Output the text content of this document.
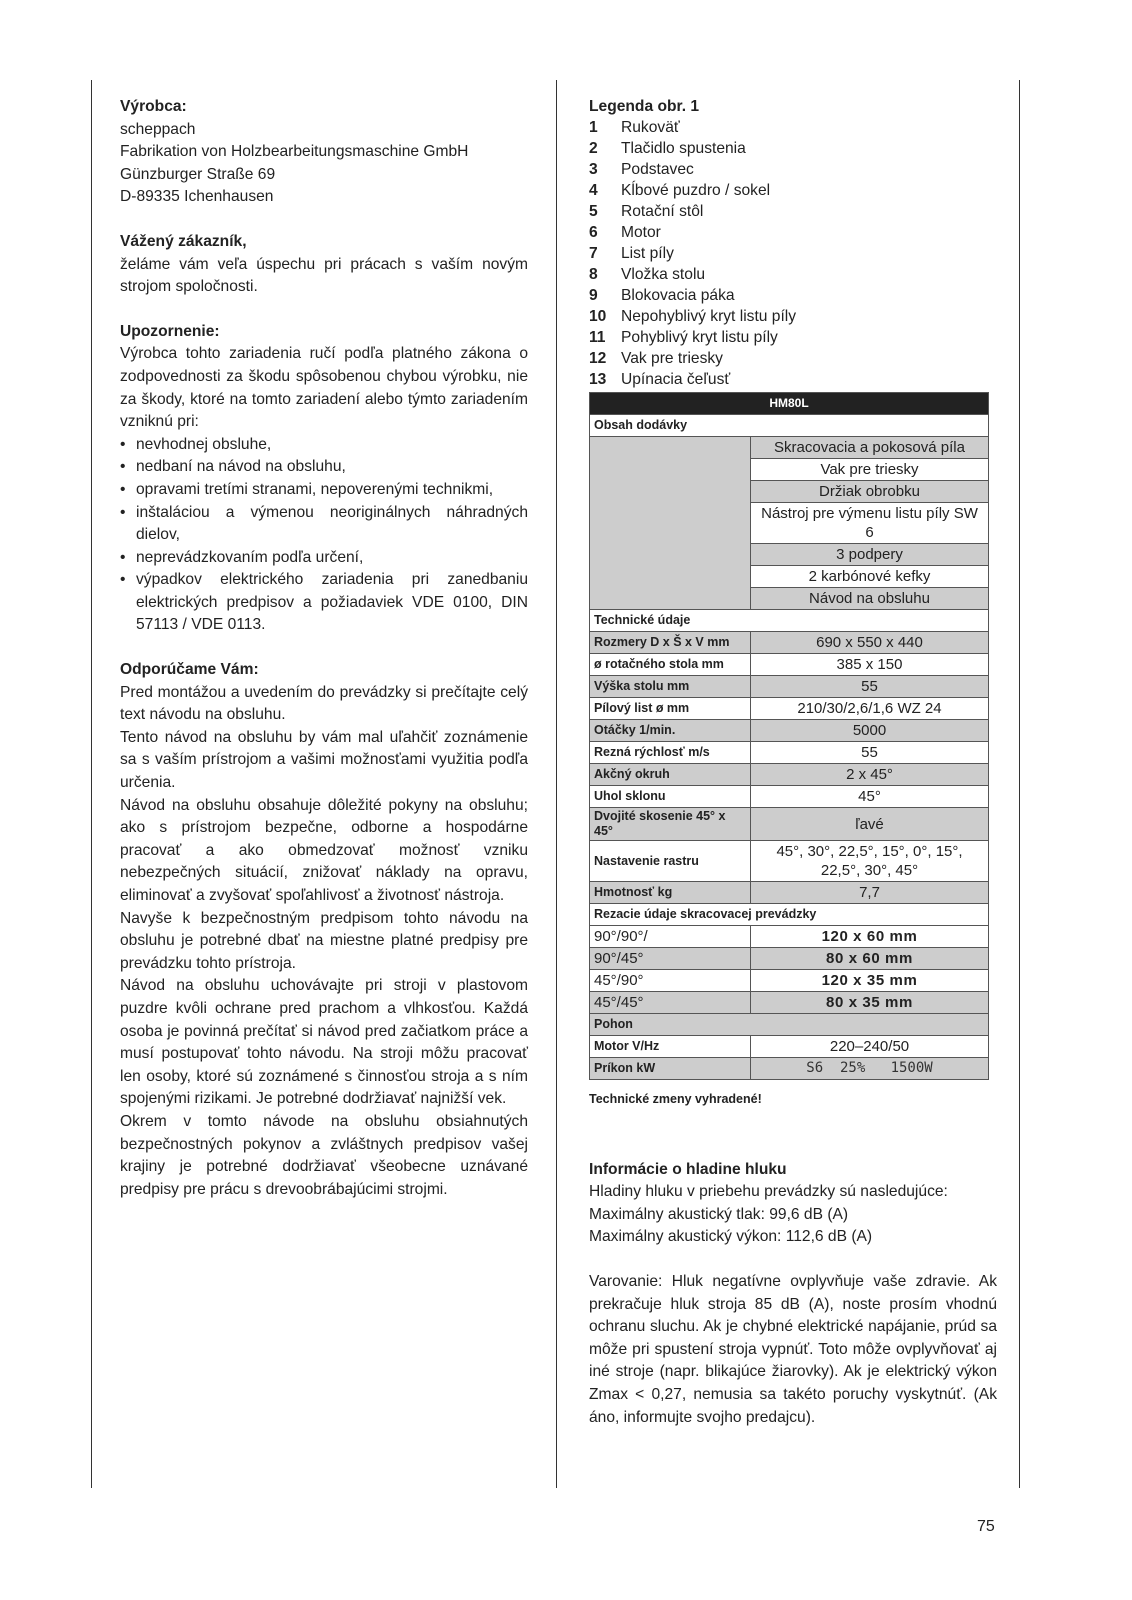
Výrobca:

scheppach
Fabrikation von Holzbearbeitungsmaschine GmbH
Günzburger Straße 69
D-89335 Ichenhausen

Vážený zákazník,

želáme vám veľa úspechu pri prácach s vaším novým strojom spoločnosti.

Upozornenie:

Výrobca tohto zariadenia ručí podľa platného zákona o zodpovednosti za škodu spôsobenou chybou výrobku, nie za škody, ktoré na tomto zariadení alebo týmto zariadením vzniknú pri:

• nevhodnej obsluhe,
• nedbaní na návod na obsluhu,
• opravami tretími stranami, nepoverenými technikmi,
• inštaláciou a výmenou neoriginálnych náhradných dielov,
• neprevádzkovaním podľa určení,
• výpadkov elektrického zariadenia pri zanedbaniu elektrických predpisov a požiadaviek VDE 0100, DIN 57113 / VDE 0113.

Odporúčame Vám:

Pred montážou a uvedením do prevádzky si prečítajte celý text návodu na obsluhu.

Tento návod na obsluhu by vám mal uľahčiť zoznámenie sa s vaším prístrojom a vašimi možnosťami využitia podľa určenia.

Návod na obsluhu obsahuje dôležité pokyny na obsluhu; ako s prístrojom bezpečne, odborne a hospodárne pracovať a ako obmedzovať možnosť vzniku nebezpečných situácií, znižovať náklady na opravu, eliminovať a zvyšovať spoľahlivosť a životnosť nástroja.

Navyše k bezpečnostným predpisom tohto návodu na obsluhu je potrebné dbať na miestne platné predpisy pre prevádzku tohto prístroja.

Návod na obsluhu uchovávajte pri stroji v plastovom puzdre kvôli ochrane pred prachom a vlhkosťou. Každá osoba je povinná prečítať si návod pred začiatkom práce a musí postupovať tohto návodu. Na stroji môžu pracovať len osoby, ktoré sú zoznámené s činnosťou stroja a s ním spojenými rizikami. Je potrebné dodržiavať najnižší vek.

Okrem v tomto návode na obsluhu obsiahnutých bezpečnostných pokynov a zvláštnych predpisov vašej krajiny je potrebné dodržiavať všeobecne uznávané predpisy pre prácu s drevoobrábajúcimi strojmi.

Legenda obr. 1

1	Rukoväť
2	Tlačidlo spustenia
3	Podstavec
4	Kĺbové puzdro / sokel
5	Rotační stôl
6	Motor
7	List píly
8	Vložka stolu
9	Blokovacia páka
10 Nepohyblivý kryt listu píly
11 Pohyblivý kryt listu píly
12 Vak pre triesky
13 Upínacia čeľusť
HM80L	
Obsah dodávky	
	Skracovacia a pokosová píla
	Vak pre triesky
	Držiak obrobku
	Nástroj pre výmenu listu píly SW 6
	3 podpery
	2 karbónové kefky
	Návod na obsluhu
Technické údaje	
Rozmery D x Š x V mm	690 x 550 x 440
ø rotačného stola mm	385 x 150
Výška stolu mm	55
Pílový list ø mm	210/30/2,6/1,6 WZ 24
Otáčky 1/min.	5000
Rezná rýchlosť m/s	55
Akčný okruh	2 x 45°
Uhol sklonu	45°
Dvojité skosenie 45° x 45°	ľavé
Nastavenie rastru	45°, 30°, 22,5°, 15°, 0°, 15°, 22,5°, 30°, 45°
Hmotnosť kg	7,7
Rezacie údaje skracovacej prevádzky	
90°/90°/	120 x 60 mm
90°/45°	80 x 60 mm
45°/90°	120 x 35 mm
45°/45°	80 x 35 mm
Pohon	
Motor V/Hz	220–240/50
Príkon kW	S6  25%   1500W
Technické zmeny vyhradené!

Informácie o hladine hluku

Hladiny hluku v priebehu prevádzky sú nasledujúce:
Maximálny akustický tlak: 99,6 dB (A)
Maximálny akustický výkon: 112,6 dB (A)

Varovanie: Hluk negatívne ovplyvňuje vaše zdravie. Ak prekračuje hluk stroja 85 dB (A), noste prosím vhodnú ochranu sluchu. Ak je chybné elektrické napájanie, prúd sa môže pri spustení stroja vypnúť. Toto môže ovplyvňovať aj iné stroje (napr. blikajúce žiarovky). Ak je elektrický výkon Zmax < 0,27, nemusia sa takéto poruchy vyskytnúť. (Ak áno, informujte svojho predajcu).

75
